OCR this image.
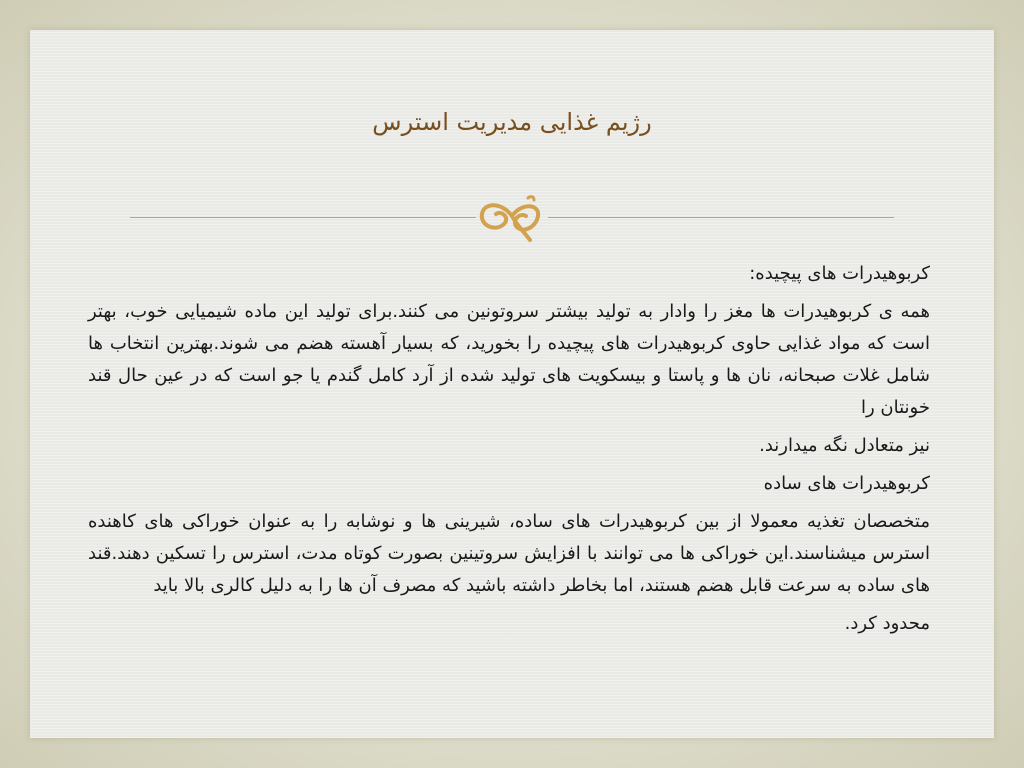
رژیم غذایی مدیریت استرس

کربوهیدرات های پیچیده:

همه ی کربوهیدرات ها مغز را وادار به تولید بیشتر سروتونین می کنند.برای تولید این ماده شیمیایی خوب، بهتر است که مواد غذایی حاوی کربوهیدرات های پیچیده را بخورید، که بسیار آهسته هضم می شوند.بهترین انتخاب ها شامل غلات صبحانه، نان ها و پاستا و بیسکویت های تولید شده از آرد کامل گندم یا جو است که در عین حال قند خونتان را

نیز متعادل نگه میدارند.

کربوهیدرات های ساده

متخصصان تغذیه معمولا از بین کربوهیدرات های ساده، شیرینی ها و نوشابه را به عنوان خوراکی های کاهنده استرس میشناسند.این خوراکی ها می توانند با افزایش سروتینین بصورت کوتاه مدت، استرس را تسکین دهند.قند های ساده به سرعت قابل هضم هستند، اما بخاطر داشته باشید که مصرف آن ها را به دلیل کالری بالا باید

محدود کرد.
